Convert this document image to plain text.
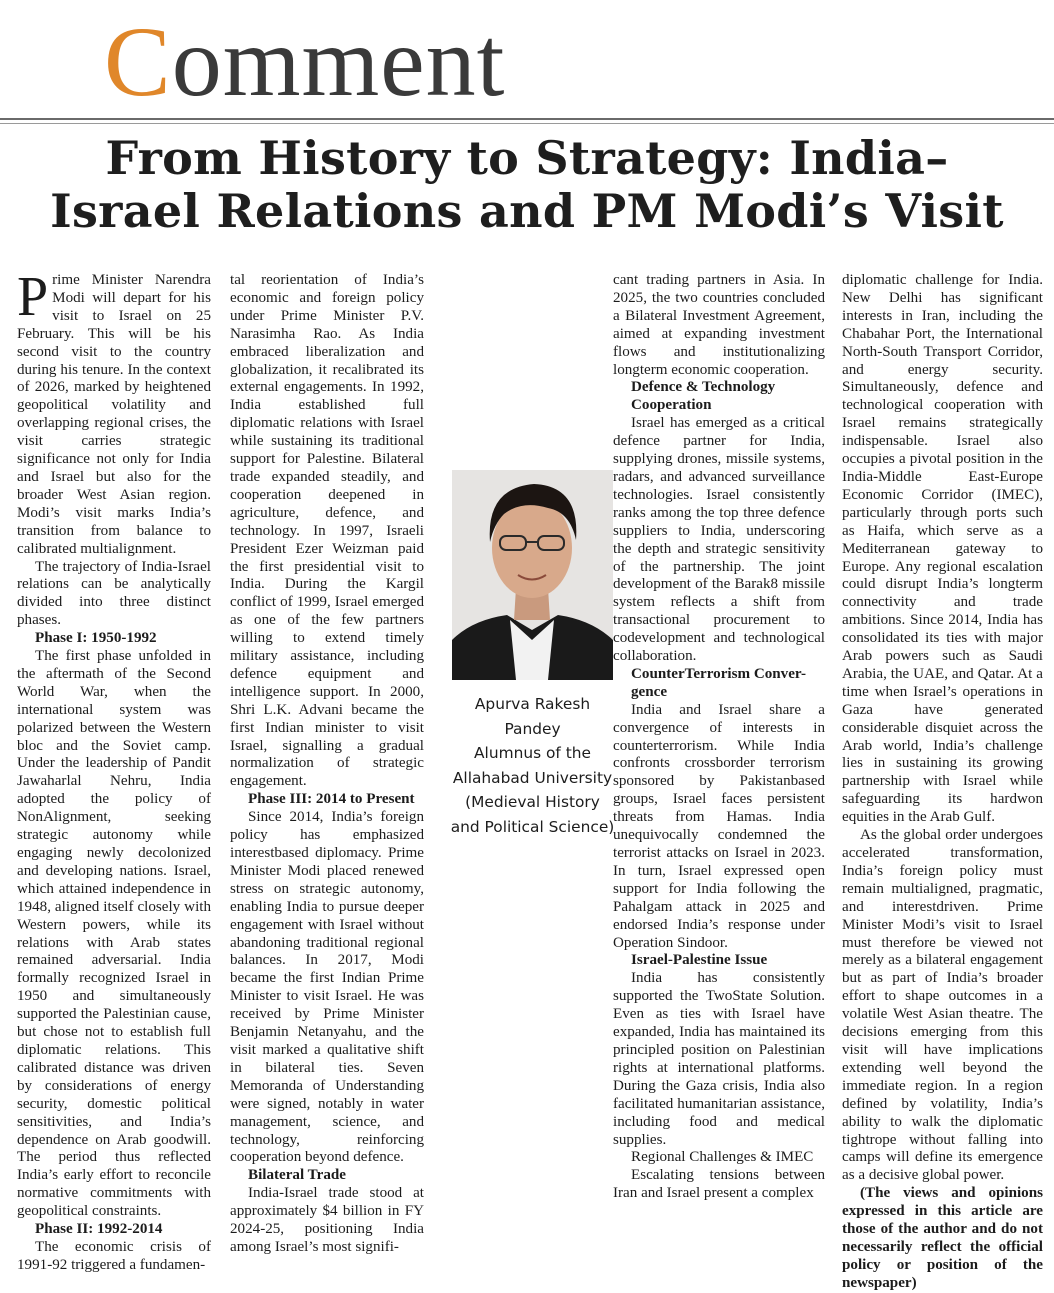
Comment
From History to Strategy: India–
Israel Relations and PM Modi’s Visit

Prime Minister Narendra Modi will depart for his visit to Israel on 25 February. This will be his second visit to the country during his tenure. In the context of 2026, marked by heightened geopolitical volatility and overlapping regional crises, the visit carries strategic significance not only for India and Israel but also for the broader West Asian region. Modi’s visit marks India’s transition from balance to calibrated multialignment.

The trajectory of India-Israel relations can be analytically divided into three distinct phases.

Phase I: 1950-1992

The first phase unfolded in the aftermath of the Second World War, when the international system was polarized between the Western bloc and the Soviet camp. Under the leadership of Pandit Jawaharlal Nehru, India adopted the policy of NonAlignment, seeking strategic autonomy while engaging newly decolonized and developing nations. Israel, which attained independence in 1948, aligned itself closely with Western powers, while its relations with Arab states remained adversarial. India formally recognized Israel in 1950 and simultaneously supported the Palestinian cause, but chose not to establish full diplomatic relations. This calibrated distance was driven by considerations of energy security, domestic political sensitivities, and India’s dependence on Arab goodwill. The period thus reflected India’s early effort to reconcile normative commitments with geopolitical constraints.

Phase II: 1992-2014

The economic crisis of 1991-92 triggered a fundamen-

tal reorientation of India’s economic and foreign policy under Prime Minister P.V. Narasimha Rao. As India embraced liberalization and globalization, it recalibrated its external engagements. In 1992, India established full diplomatic relations with Israel while sustaining its traditional support for Palestine. Bilateral trade expanded steadily, and cooperation deepened in agriculture, defence, and technology. In 1997, Israeli President Ezer Weizman paid the first presidential visit to India. During the Kargil conflict of 1999, Israel emerged as one of the few partners willing to extend timely military assistance, including defence equipment and intelligence support. In 2000, Shri L.K. Advani became the first Indian minister to visit Israel, signalling a gradual normalization of strategic engagement.

Phase III: 2014 to Present

Since 2014, India’s foreign policy has emphasized interestbased diplomacy. Prime Minister Modi placed renewed stress on strategic autonomy, enabling India to pursue deeper engagement with Israel without abandoning traditional regional balances. In 2017, Modi became the first Indian Prime Minister to visit Israel. He was received by Prime Minister Benjamin Netanyahu, and the visit marked a qualitative shift in bilateral ties. Seven Memoranda of Understanding were signed, notably in water management, science, and technology, reinforcing cooperation beyond defence.

Bilateral Trade

India-Israel trade stood at approximately $4 billion in FY 2024-25, positioning India among Israel’s most signifi-

Apurva Rakesh
Pandey
Alumnus of the
Allahabad University
(Medieval History
and Political Science)

cant trading partners in Asia. In 2025, the two countries concluded a Bilateral Investment Agreement, aimed at expanding investment flows and institutionalizing longterm economic cooperation.

Defence & Technology
Cooperation

Israel has emerged as a critical defence partner for India, supplying drones, missile systems, radars, and advanced surveillance technologies. Israel consistently ranks among the top three defence suppliers to India, underscoring the depth and strategic sensitivity of the partnership. The joint development of the Barak8 missile system reflects a shift from transactional procurement to codevelopment and technological collaboration.

CounterTerrorism Conver-
gence

India and Israel share a convergence of interests in counterterrorism. While India confronts crossborder terrorism sponsored by Pakistanbased groups, Israel faces persistent threats from Hamas. India unequivocally condemned the terrorist attacks on Israel in 2023. In turn, Israel expressed open support for India following the Pahalgam attack in 2025 and endorsed India’s response under Operation Sindoor.

Israel-Palestine Issue

India has consistently supported the TwoState Solution. Even as ties with Israel have expanded, India has maintained its principled position on Palestinian rights at international platforms. During the Gaza crisis, India also facilitated humanitarian assistance, including food and medical supplies.

Regional Challenges & IMEC

Escalating tensions between Iran and Israel present a complex

diplomatic challenge for India. New Delhi has significant interests in Iran, including the Chabahar Port, the International North-South Transport Corridor, and energy security. Simultaneously, defence and technological cooperation with Israel remains strategically indispensable. Israel also occupies a pivotal position in the India-Middle East-Europe Economic Corridor (IMEC), particularly through ports such as Haifa, which serve as a Mediterranean gateway to Europe. Any regional escalation could disrupt India’s longterm connectivity and trade ambitions. Since 2014, India has consolidated its ties with major Arab powers such as Saudi Arabia, the UAE, and Qatar. At a time when Israel’s operations in Gaza have generated considerable disquiet across the Arab world, India’s challenge lies in sustaining its growing partnership with Israel while safeguarding its hardwon equities in the Arab Gulf.

As the global order undergoes accelerated transformation, India’s foreign policy must remain multialigned, pragmatic, and interestdriven. Prime Minister Modi’s visit to Israel must therefore be viewed not merely as a bilateral engagement but as part of India’s broader effort to shape outcomes in a volatile West Asian theatre. The decisions emerging from this visit will have implications extending well beyond the immediate region. In a region defined by volatility, India’s ability to walk the diplomatic tightrope without falling into camps will define its emergence as a decisive global power.

(The views and opinions expressed in this article are those of the author and do not necessarily reflect the official policy or position of the newspaper)
